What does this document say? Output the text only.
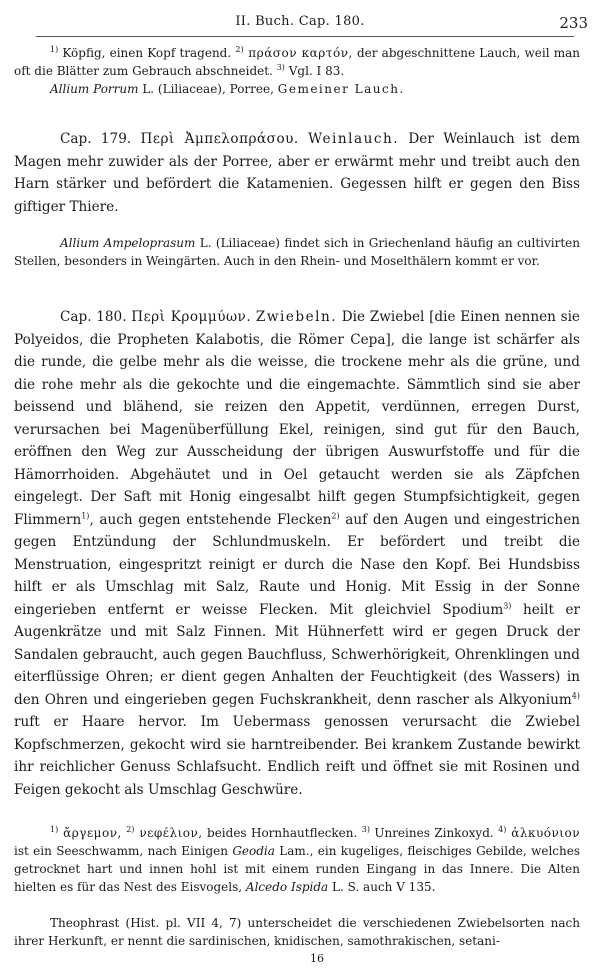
II. Buch. Cap. 180.	233

$^{1)}$ Köpfig, einen Kopf tragend. $^{2)}$ πράσον καρτόν, der abgeschnittene Lauch, weil man oft die Blätter zum Gebrauch abschneidet. $^{3)}$ Vgl. I 83.

Allium Porrum L. (Liliaceae), Porree, Gemeiner Lauch.

Cap. 179. Περὶ Ἀμπελοπράσου. Weinlauch. Der Weinlauch ist dem Magen mehr zuwider als der Porree, aber er erwärmt mehr und treibt auch den Harn stärker und befördert die Katamenien. Gegessen hilft er gegen den Biss giftiger Thiere.

Allium Ampeloprasum L. (Liliaceae) findet sich in Griechenland häufig an cultivirten Stellen, besonders in Weingärten. Auch in den Rhein- und Moselthälern kommt er vor.

Cap. 180. Περὶ Κρομμύων. Zwiebeln. Die Zwiebel [die Einen nennen sie Polyeidos, die Propheten Kalabotis, die Römer Cepa], die lange ist schärfer als die runde, die gelbe mehr als die weisse, die trockene mehr als die grüne, und die rohe mehr als die gekochte und die eingemachte. Sämmtlich sind sie aber beissend und blähend, sie reizen den Appetit, verdünnen, erregen Durst, verursachen bei Magenüberfüllung Ekel, reinigen, sind gut für den Bauch, eröffnen den Weg zur Ausscheidung der übrigen Auswurfstoffe und für die Hämorrhoiden. Abgehäutet und in Oel getaucht werden sie als Zäpfchen eingelegt. Der Saft mit Honig eingesalbt hilft gegen Stumpfsichtigkeit, gegen Flimmern$^{1)}$, auch gegen entstehende Flecken$^{2)}$ auf den Augen und eingestrichen gegen Entzündung der Schlundmuskeln. Er befördert und treibt die Menstruation, eingespritzt reinigt er durch die Nase den Kopf. Bei Hundsbiss hilft er als Umschlag mit Salz, Raute und Honig. Mit Essig in der Sonne eingerieben entfernt er weisse Flecken. Mit gleichviel Spodium$^{3)}$ heilt er Augenkrätze und mit Salz Finnen. Mit Hühnerfett wird er gegen Druck der Sandalen gebraucht, auch gegen Bauchfluss, Schwerhörigkeit, Ohrenklingen und eiterflüssige Ohren; er dient gegen Anhalten der Feuchtigkeit (des Wassers) in den Ohren und eingerieben gegen Fuchskrankheit, denn rascher als Alkyonium$^{4)}$ ruft er Haare hervor. Im Uebermass genossen verursacht die Zwiebel Kopfschmerzen, gekocht wird sie harntreibender. Bei krankem Zustande bewirkt ihr reichlicher Genuss Schlafsucht. Endlich reift und öffnet sie mit Rosinen und Feigen gekocht als Umschlag Geschwüre.

$^{1)}$ ἄργεμον, $^{2)}$ νεφέλιον, beides Hornhautflecken. $^{3)}$ Unreines Zinkoxyd. $^{4)}$ ἀλκυόνιον ist ein Seeschwamm, nach Einigen Geodia Lam., ein kugeliges, fleischiges Gebilde, welches getrocknet hart und innen hohl ist mit einem runden Eingang in das Innere. Die Alten hielten es für das Nest des Eisvogels, Alcedo Ispida L. S. auch V 135.

Theophrast (Hist. pl. VII 4, 7) unterscheidet die verschiedenen Zwiebelsorten nach ihrer Herkunft, er nennt die sardinischen, knidischen, samothrakischen, setani-

16
